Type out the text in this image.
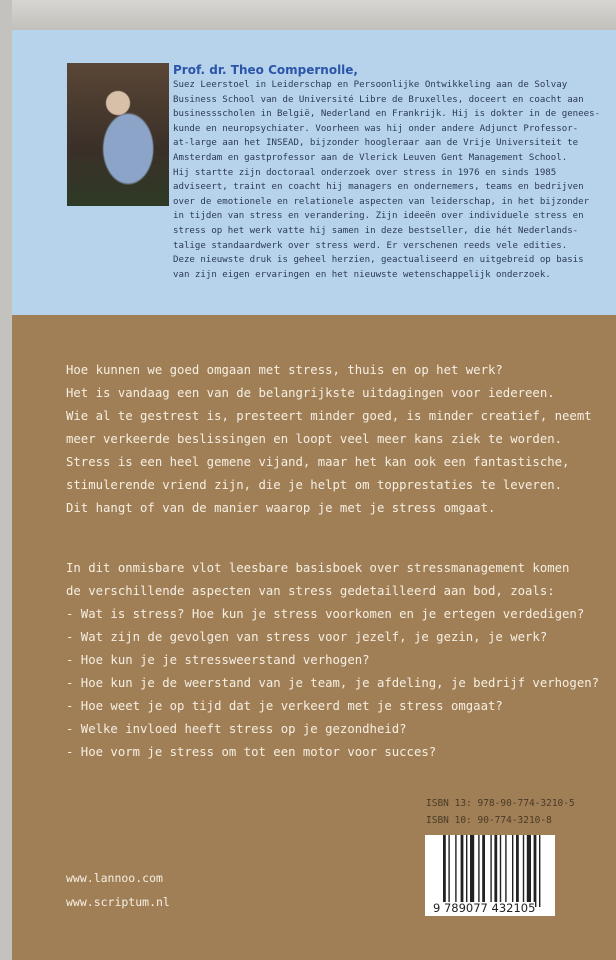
Prof. dr. Theo Compernolle,
Suez Leerstoel in Leiderschap en Persoonlijke Ontwikkeling aan de Solvay
Business School van de Université Libre de Bruxelles, doceert en coacht aan
businessscholen in België, Nederland en Frankrijk. Hij is dokter in de genees-
kunde en neuropsychiater. Voorheen was hij onder andere Adjunct Professor-
at-large aan het INSEAD, bijzonder hoogleraar aan de Vrije Universiteit te
Amsterdam en gastprofessor aan de Vlerick Leuven Gent Management School.
Hij startte zijn doctoraal onderzoek over stress in 1976 en sinds 1985
adviseert, traint en coacht hij managers en ondernemers, teams en bedrijven
over de emotionele en relationele aspecten van leiderschap, in het bijzonder
in tijden van stress en verandering. Zijn ideeën over individuele stress en
stress op het werk vatte hij samen in deze bestseller, die hét Nederlands-
talige standaardwerk over stress werd. Er verschenen reeds vele edities.
Deze nieuwste druk is geheel herzien, geactualiseerd en uitgebreid op basis
van zijn eigen ervaringen en het nieuwste wetenschappelijk onderzoek.
Hoe kunnen we goed omgaan met stress, thuis en op het werk?
Het is vandaag een van de belangrijkste uitdagingen voor iedereen.
Wie al te gestrest is, presteert minder goed, is minder creatief, neemt
meer verkeerde beslissingen en loopt veel meer kans ziek te worden.
Stress is een heel gemene vijand, maar het kan ook een fantastische,
stimulerende vriend zijn, die je helpt om topprestaties te leveren.
Dit hangt of van de manier waarop je met je stress omgaat.
In dit onmisbare vlot leesbare basisboek over stressmanagement komen
de verschillende aspecten van stress gedetailleerd aan bod, zoals:
- Wat is stress? Hoe kun je stress voorkomen en je ertegen verdedigen?
- Wat zijn de gevolgen van stress voor jezelf, je gezin, je werk?
- Hoe kun je je stressweerstand verhogen?
- Hoe kun je de weerstand van je team, je afdeling, je bedrijf verhogen?
- Hoe weet je op tijd dat je verkeerd met je stress omgaat?
- Welke invloed heeft stress op je gezondheid?
- Hoe vorm je stress om tot een motor voor succes?
ISBN 13: 978-90-774-3210-5
ISBN 10: 90-774-3210-8
9 789077 432105
www.lannoo.com
www.scriptum.nl
